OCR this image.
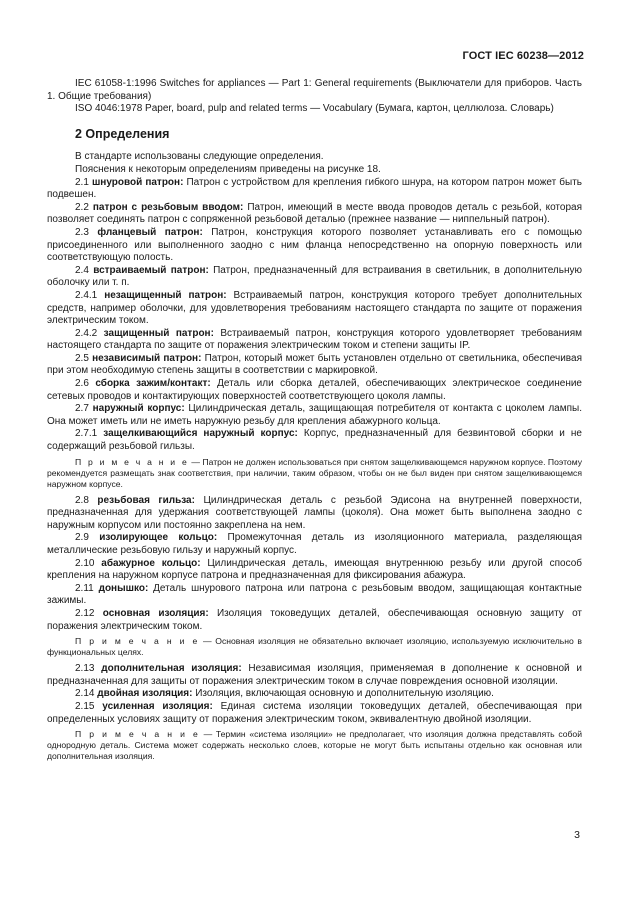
ГОСТ IEC 60238—2012

IEC 61058-1:1996 Switches for appliances — Part 1: General requirements (Выключатели для приборов. Часть 1. Общие требования)

ISO 4046:1978 Paper, board, pulp and related terms — Vocabulary (Бумага, картон, целлюлоза. Словарь)

2 Определения

В стандарте использованы следующие определения.

Пояснения к некоторым определениям приведены на рисунке 18.

2.1 шнуровой патрон: Патрон с устройством для крепления гибкого шнура, на котором патрон может быть подвешен.

2.2 патрон с резьбовым вводом: Патрон, имеющий в месте ввода проводов деталь с резьбой, которая позволяет соединять патрон с сопряженной резьбовой деталью (прежнее название — ниппельный патрон).

2.3 фланцевый патрон: Патрон, конструкция которого позволяет устанавливать его с помощью присоединенного или выполненного заодно с ним фланца непосредственно на опорную поверхность или соответствующую полость.

2.4 встраиваемый патрон: Патрон, предназначенный для встраивания в светильник, в дополнительную оболочку или т. п.

2.4.1 незащищенный патрон: Встраиваемый патрон, конструкция которого требует дополнительных средств, например оболочки, для удовлетворения требованиям настоящего стандарта по защите от поражения электрическим током.

2.4.2 защищенный патрон: Встраиваемый патрон, конструкция которого удовлетворяет требованиям настоящего стандарта по защите от поражения электрическим током и степени защиты IP.

2.5 независимый патрон: Патрон, который может быть установлен отдельно от светильника, обеспечивая при этом необходимую степень защиты в соответствии с маркировкой.

2.6 сборка зажим/контакт: Деталь или сборка деталей, обеспечивающих электрическое соединение сетевых проводов и контактирующих поверхностей соответствующего цоколя лампы.

2.7 наружный корпус: Цилиндрическая деталь, защищающая потребителя от контакта с цоколем лампы. Она может иметь или не иметь наружную резьбу для крепления абажурного кольца.

2.7.1 защелкивающийся наружный корпус: Корпус, предназначенный для безвинтовой сборки и не содержащий резьбовой гильзы.

П р и м е ч а н и е — Патрон не должен использоваться при снятом защелкивающемся наружном корпусе. Поэтому рекомендуется размещать знак соответствия, при наличии, таким образом, чтобы он не был виден при снятом защелкивающемся наружном корпусе.

2.8 резьбовая гильза: Цилиндрическая деталь с резьбой Эдисона на внутренней поверхности, предназначенная для удержания соответствующей лампы (цоколя). Она может быть выполнена заодно с наружным корпусом или постоянно закреплена на нем.

2.9 изолирующее кольцо: Промежуточная деталь из изоляционного материала, разделяющая металлические резьбовую гильзу и наружный корпус.

2.10 абажурное кольцо: Цилиндрическая деталь, имеющая внутреннюю резьбу или другой способ крепления на наружном корпусе патрона и предназначенная для фиксирования абажура.

2.11 донышко: Деталь шнурового патрона или патрона с резьбовым вводом, защищающая контактные зажимы.

2.12 основная изоляция: Изоляция токоведущих деталей, обеспечивающая основную защиту от поражения электрическим током.

П р и м е ч а н и е — Основная изоляция не обязательно включает изоляцию, используемую исключительно в функциональных целях.

2.13 дополнительная изоляция: Независимая изоляция, применяемая в дополнение к основной и предназначенная для защиты от поражения электрическим током в случае повреждения основной изоляции.

2.14 двойная изоляция: Изоляция, включающая основную и дополнительную изоляцию.

2.15 усиленная изоляция: Единая система изоляции токоведущих деталей, обеспечивающая при определенных условиях защиту от поражения электрическим током, эквивалентную двойной изоляции.

П р и м е ч а н и е — Термин «система изоляции» не предполагает, что изоляция должна представлять собой однородную деталь. Система может содержать несколько слоев, которые не могут быть испытаны отдельно как основная или дополнительная изоляция.

3
